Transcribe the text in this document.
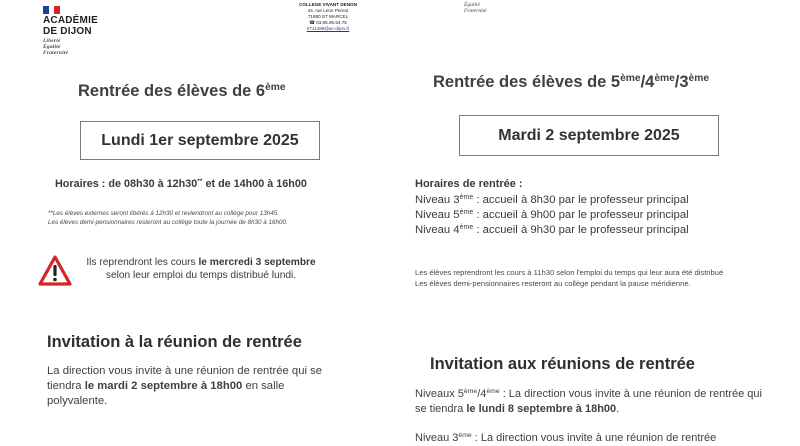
ACADÉMIE
DE DIJON
Liberté
Égalité
Fraternité
COLLEGE VIVANT DENON
44, rue Leon Pernot
71880 ST MARCEL
☎ 03.85.96.54.75
0711499@ac-dijon.fr
Égalité
Fraternité
Rentrée des élèves de 6ème
Lundi 1er septembre 2025
Horaires : de 08h30 à 12h30** et de 14h00 à 16h00
**Les élèves externes seront libérés à 12h30 et reviendront au collège pour 13h45.
Les élèves demi-pensionnaires resteront au collège toute la journée de 8h30 à 16h00.
Ils reprendront les cours le mercredi 3 septembre
selon leur emploi du temps distribué lundi.
Invitation à la réunion de rentrée
La direction vous invite à une réunion de rentrée qui se tiendra le mardi 2 septembre à 18h00 en salle polyvalente.
Rentrée des élèves de 5ème/4ème/3ème
Mardi 2 septembre 2025
Horaires de rentrée :
Niveau 3ème : accueil à 8h30 par le professeur principal
Niveau 5ème : accueil à 9h00 par le professeur principal
Niveau 4ème : accueil à 9h30 par le professeur principal
Les élèves reprendront les cours à 11h30 selon l'emploi du temps qui leur aura été distribué
Les élèves demi-pensionnaires resteront au collège pendant la pause méridienne.
Invitation aux réunions de rentrée
Niveaux 5ème/4ème : La direction vous invite à une réunion de rentrée qui se tiendra le lundi 8 septembre à 18h00.
Niveau 3ème : La direction vous invite à une réunion de rentrée
